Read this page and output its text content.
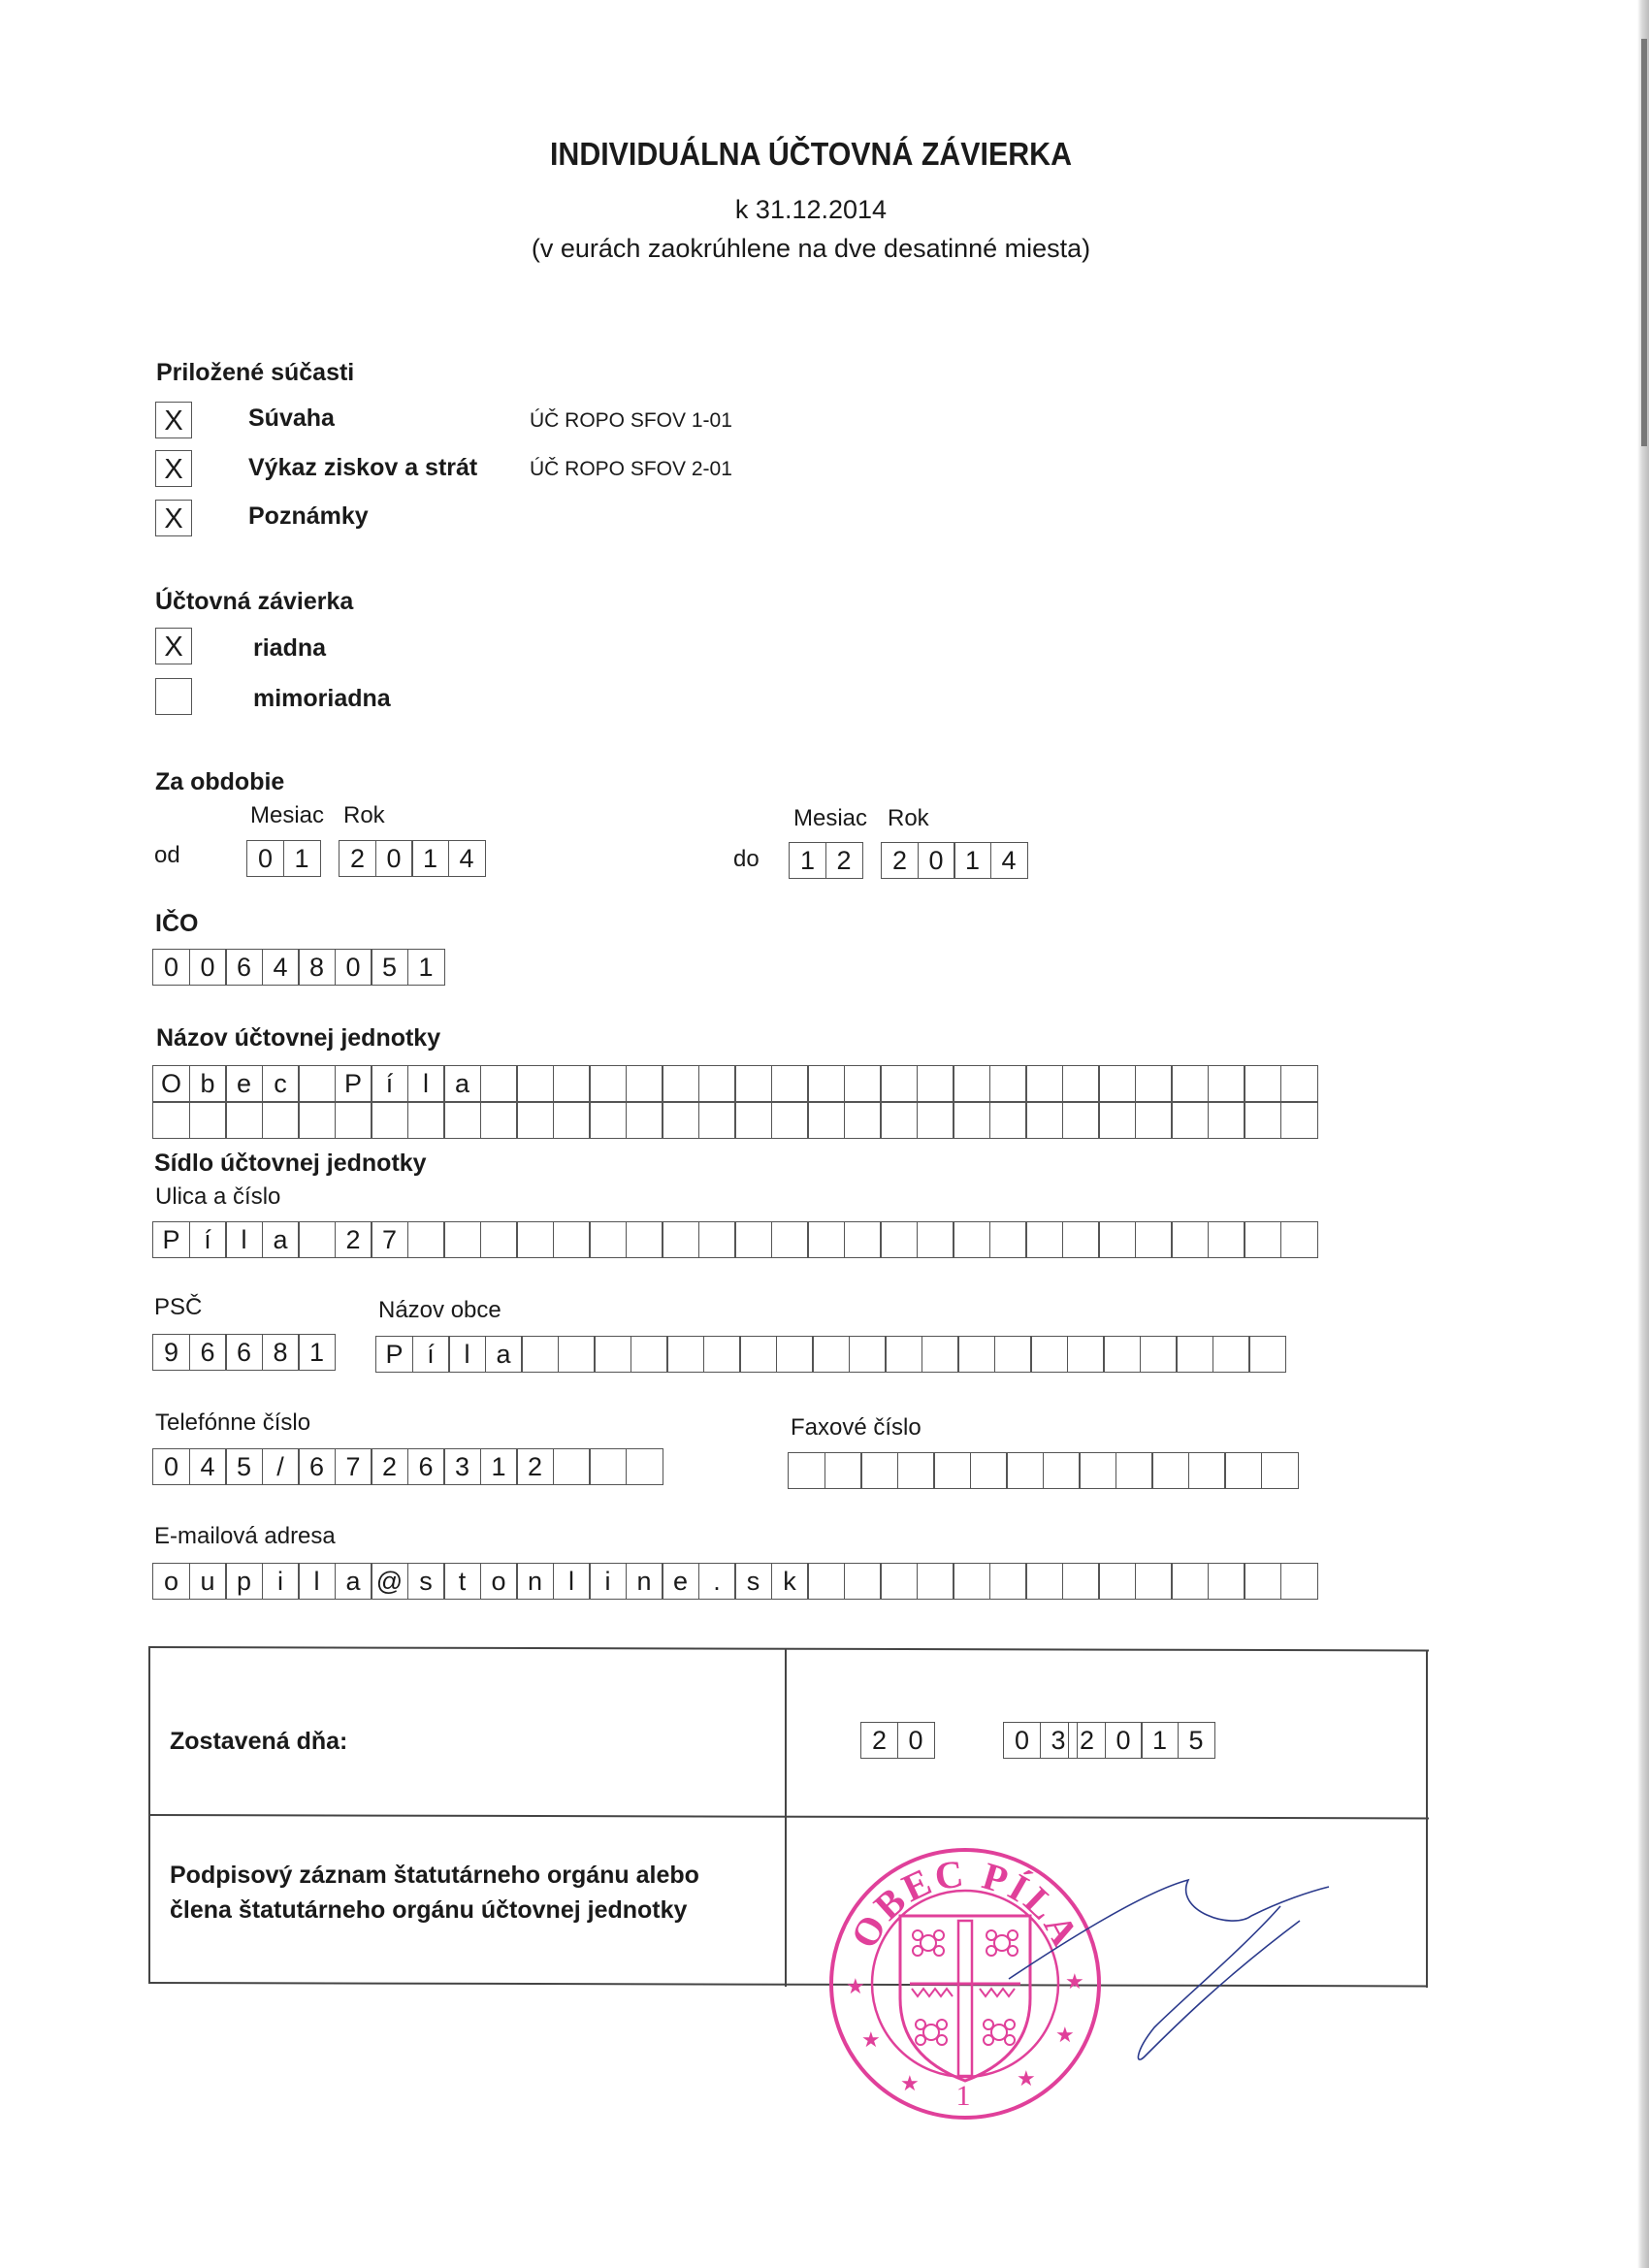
INDIVIDUÁLNA ÚČTOVNÁ ZÁVIERKA
k 31.12.2014
(v eurách zaokrúhlene na dve desatinné miesta)
Priložené súčasti
X	Súvaha	ÚČ ROPO SFOV 1-01
X	Výkaz ziskov a strát	ÚČ ROPO SFOV 2-01
X	Poznámky
Účtovná závierka
X	riadna
mimoriadna
Za obdobie
Mesiac Rok
od	0 1	2 0 1 4
Mesiac Rok
do	1 2	2 0 1 4
IČO
0 0 6 4 8 0 5 1
Názov účtovnej jednotky
O b e c	P í	l a
Sídlo účtovnej jednotky
Ulica a číslo
P í	l a	2 7
PSČ	Názov obce
9 6 6 8 1	P í	l a
Telefónne číslo	Faxové číslo
0 4 5 / 6 7 2 6 3 1 2
E-mailová adresa
o u p i	l a @ s t o n l	i n e .	s k
Zostavená dňa:	2 0	0 3 2 0 1 5
Podpisový záznam štatutárneho orgánu alebo
člena štatutárneho orgánu účtovnej jednotky	OBEC PÍLA
★	★
★	★
★	★
1
